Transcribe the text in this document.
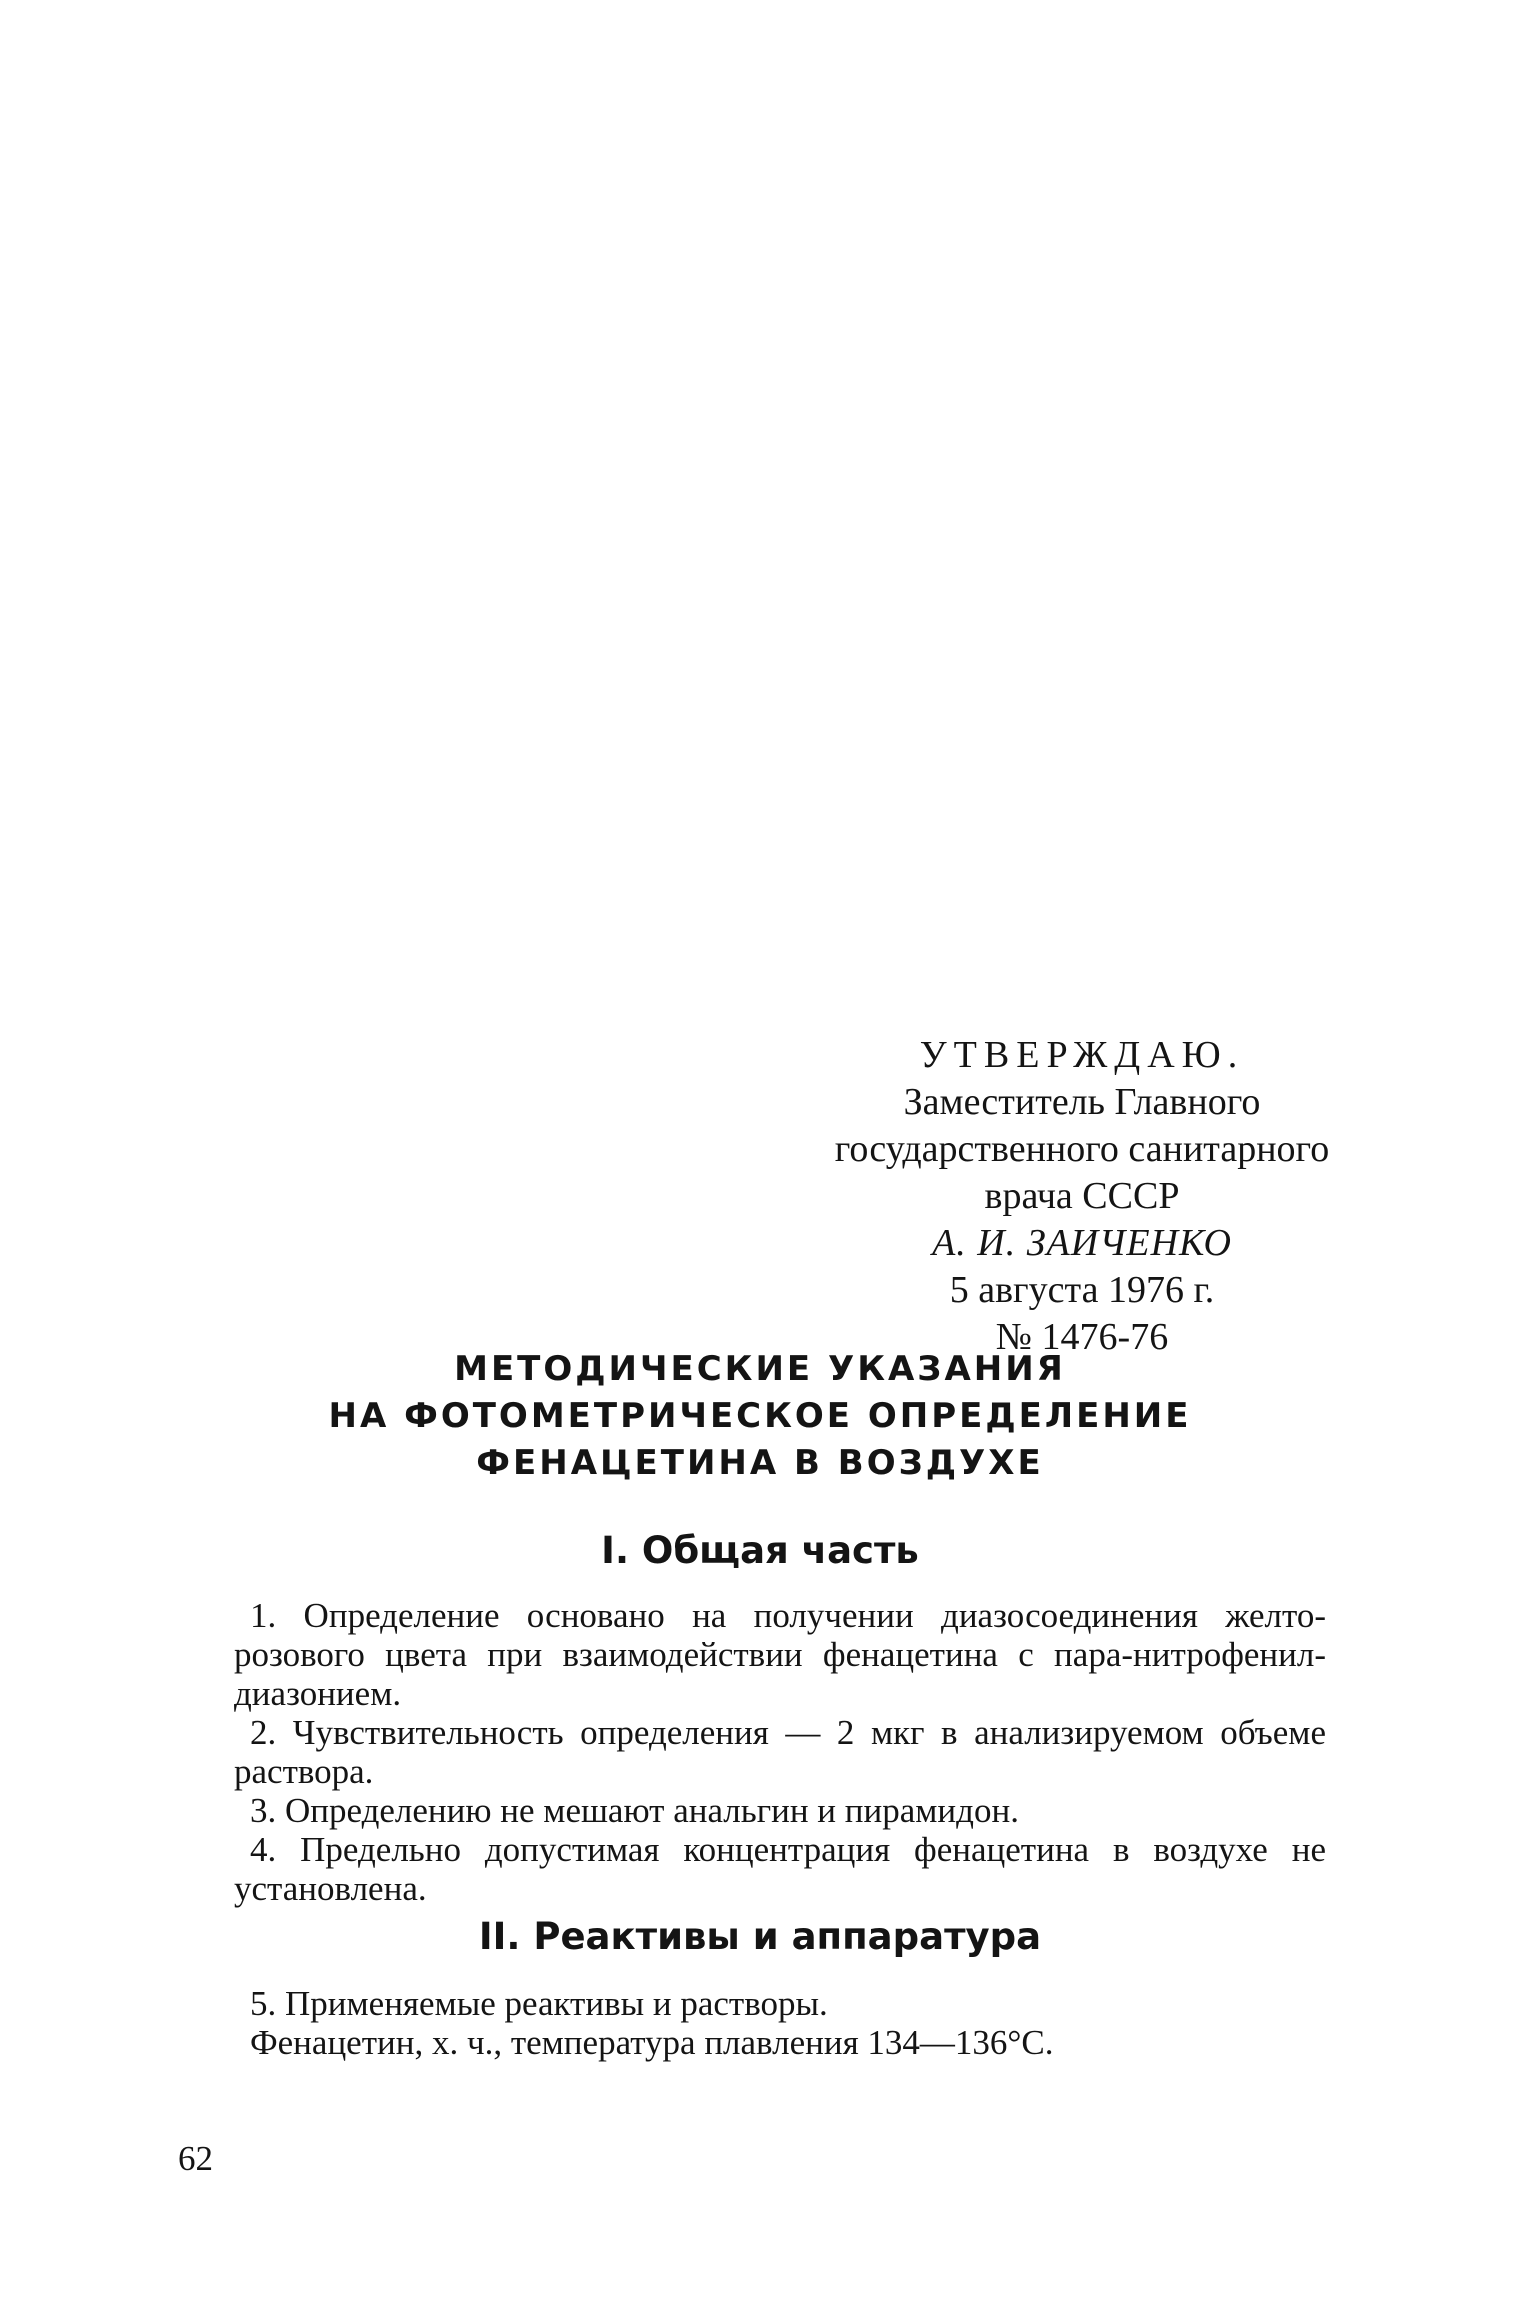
УТВЕРЖДАЮ.
Заместитель Главного
государственного санитарного
врача СССР
А. И. ЗАИЧЕНКО
5 августа 1976 г.
№ 1476-76
МЕТОДИЧЕСКИЕ УКАЗАНИЯ
НА ФОТОМЕТРИЧЕСКОЕ ОПРЕДЕЛЕНИЕ
ФЕНАЦЕТИНА В ВОЗДУХЕ
I. Общая часть

1. Определение основано на получении диазосоединения желто-розового цвета при взаимодействии фенацетина с пара-нитрофенил-диазонием.

2. Чувствительность определения — 2 мкг в анализируемом объеме раствора.

3. Определению не мешают анальгин и пирамидон.

4. Предельно допустимая концентрация фенацетина в воздухе не установлена.

II. Реактивы и аппаратура

5. Применяемые реактивы и растворы.

Фенацетин, х. ч., температура плавления 134—136°С.

62
